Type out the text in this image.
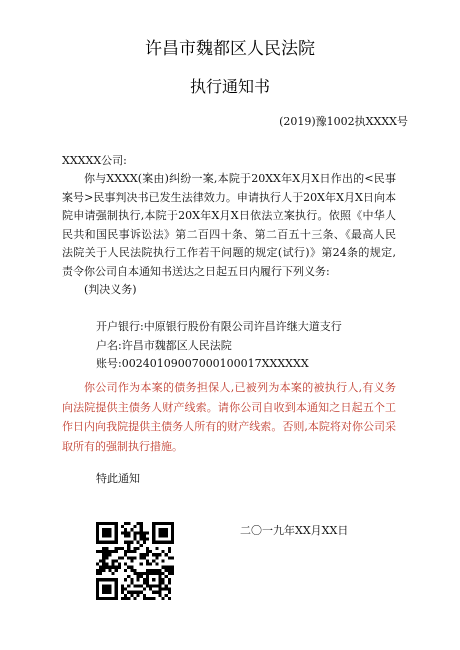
许昌市魏都区人民法院
执行通知书
(2019)豫1002执XXXX号
XXXXX公司:
你与XXXX(案由)纠纷一案,本院于20XX年X月X日作出的<民事案号>民事判决书已发生法律效力。申请执行人于20X年X月X日向本院申请强制执行,本院于20X年X月X日依法立案执行。依照《中华人民共和国民事诉讼法》第二百四十条、第二百五十三条、《最高人民法院关于人民法院执行工作若干问题的规定(试行)》第24条的规定,责令你公司自本通知书送达之日起五日内履行下列义务:
(判决义务)
开户银行:中原银行股份有限公司许昌许继大道支行
户名:许昌市魏都区人民法院
账号:00240109007000100017XXXXXX
你公司作为本案的债务担保人,已被列为本案的被执行人,有义务向法院提供主债务人财产线索。请你公司自收到本通知之日起五个工作日内向我院提供主债务人所有的财产线索。否则,本院将对你公司采取所有的强制执行措施。
特此通知
二〇一九年XX月XX日
